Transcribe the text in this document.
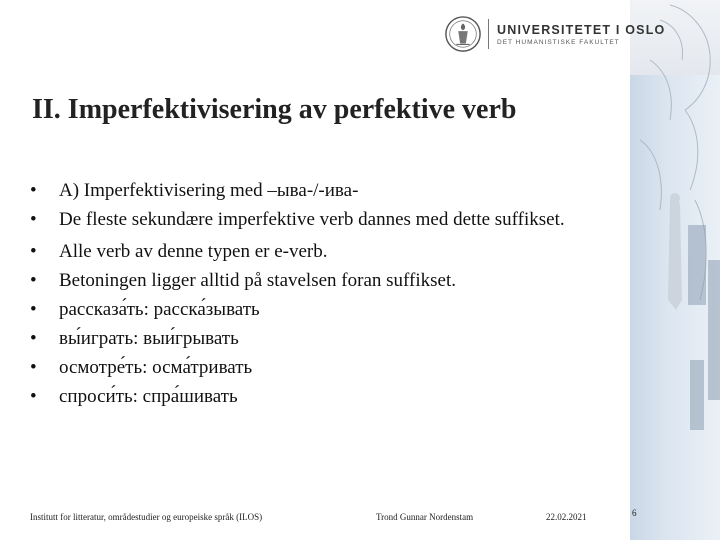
UNIVERSITETET I OSLO
DET HUMANISTISKE FAKULTET
II. Imperfektivisering av perfektive verb
• A) Imperfektivisering med –ыва-/-ива-
• De fleste sekundære imperfektive verb dannes med dette suffikset.
• Alle verb av denne typen er e-verb.
• Betoningen ligger alltid på stavelsen foran suffikset.
• рассказа́ть: расска́зывать
• вы́играть: выи́грывать
• осмотре́ть: осма́тривать
• спроси́ть: спра́шивать
Institutt for litteratur, områdestudier og europeiske språk (ILOS)	Trond Gunnar Nordenstam	22.02.2021	6
